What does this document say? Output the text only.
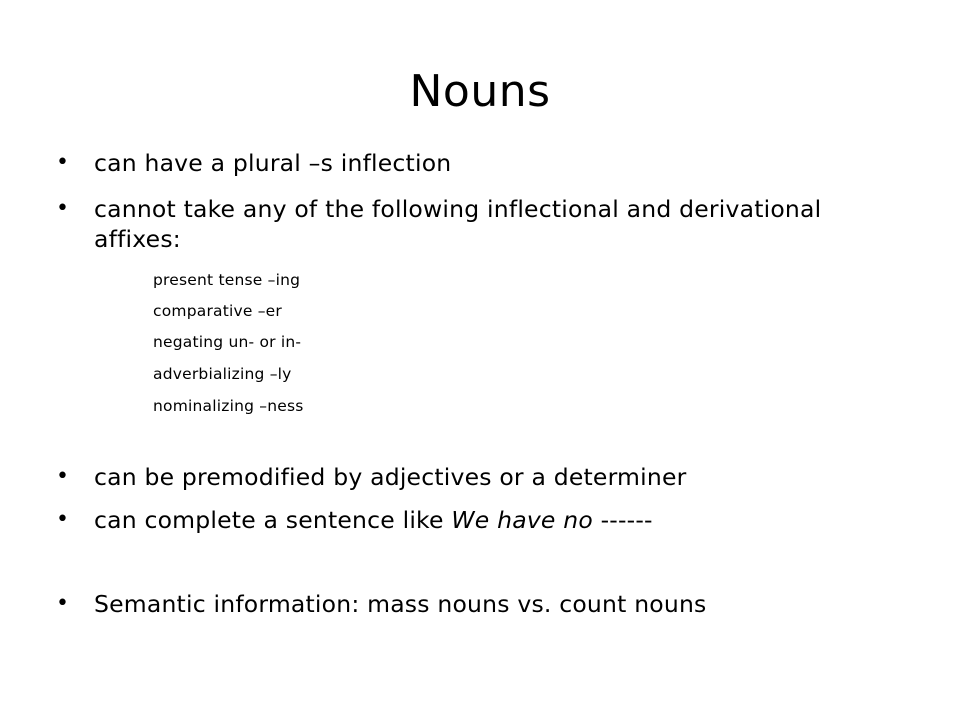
Nouns
•	can have a plural –s inflection
•	cannot take any of the following inflectional and derivational affixes:
•	can be premodified by adjectives or a determiner
•	can complete a sentence like We have no ------
•	Semantic information: mass nouns vs. count nouns
present tense –ing
comparative –er
negating un- or in-
adverbializing –ly
nominalizing –ness
